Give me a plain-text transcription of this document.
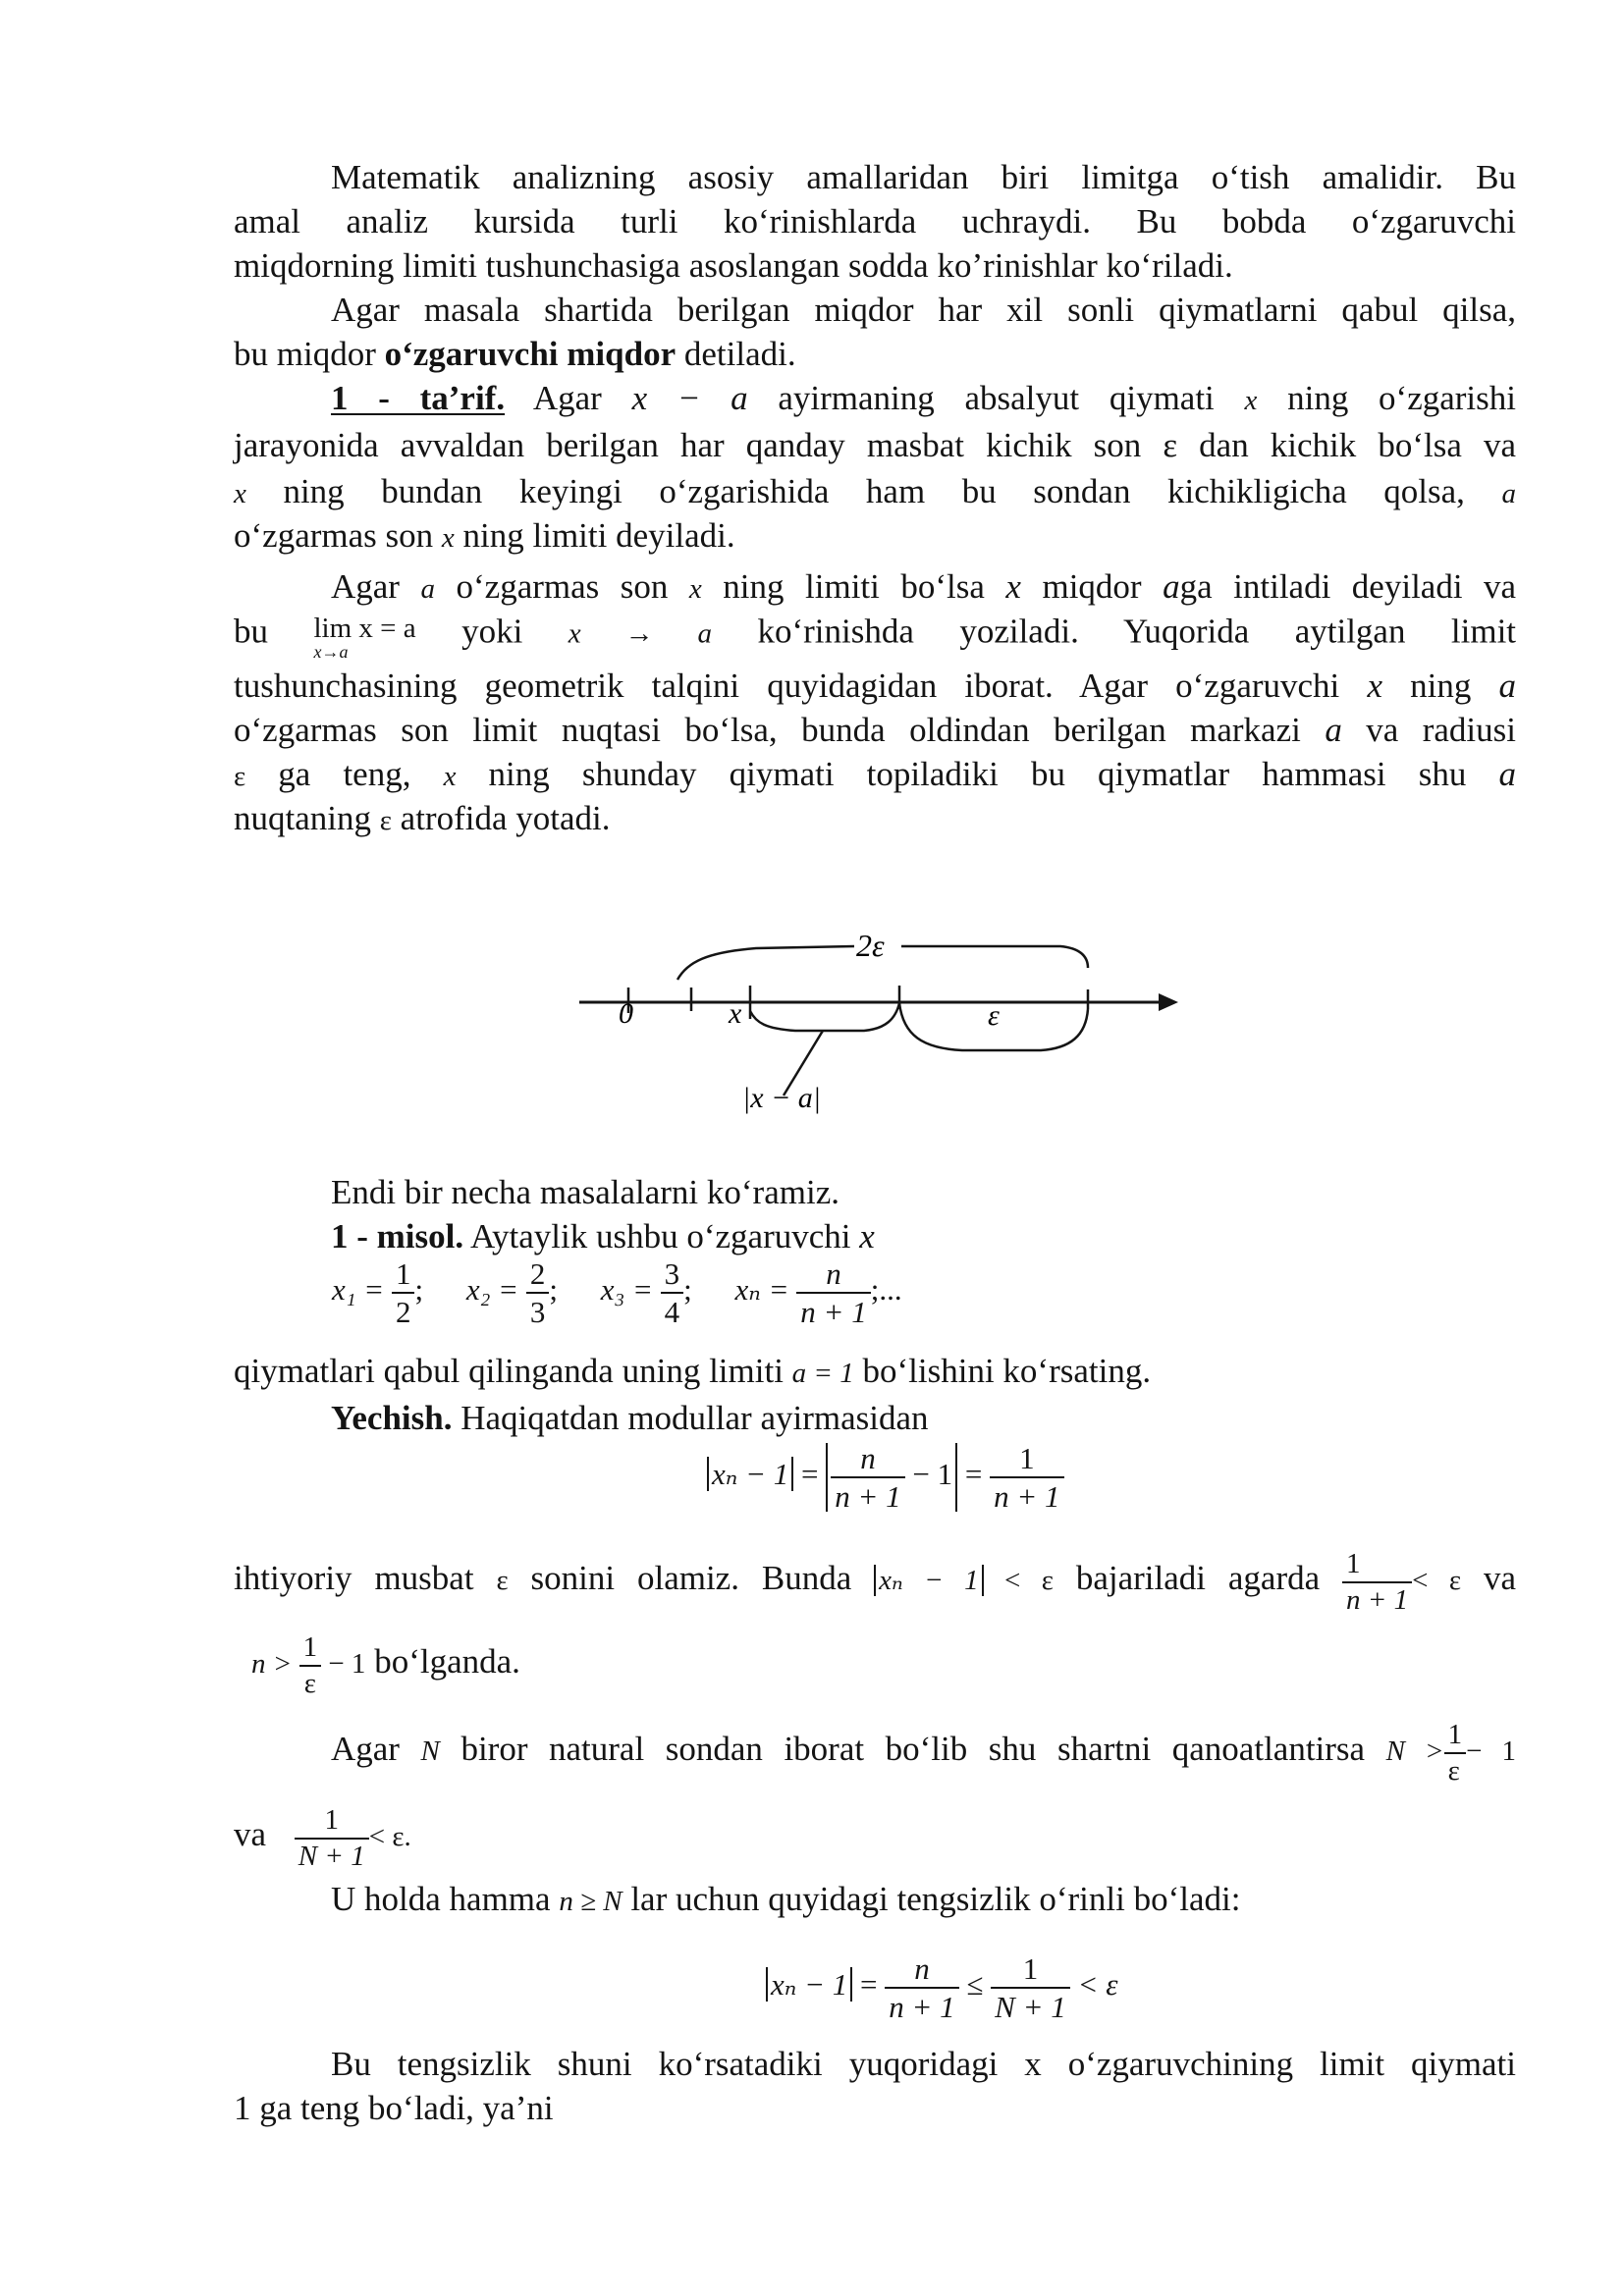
Matematik analizning asosiy amallaridan biri limitga o‘tish amalidir. Bu
amal analiz kursida turli ko‘rinishlarda uchraydi. Bu bobda o‘zgaruvchi
miqdorning limiti tushunchasiga asoslangan sodda ko’rinishlar ko‘riladi.
Agar masala shartida berilgan miqdor har xil sonli qiymatlarni qabul qilsa,
bu miqdor o‘zgaruvchi miqdor detiladi.
1 - ta’rif. Agar x − a ayirmaning absalyut qiymati x ning o‘zgarishi
jarayonida avvaldan berilgan har qanday masbat kichik son ε dan kichik bo‘lsa va
x ning bundan keyingi o‘zgarishida ham bu sondan kichikligicha qolsa, a
o‘zgarmas son x ning limiti deyiladi.
Agar a o‘zgarmas son x ning limiti bo‘lsa x miqdor aga intiladi deyiladi va
bu lim x = a
x→a
yoki x → a ko‘rinishda yoziladi. Yuqorida aytilgan limit
tushunchasining geometrik talqini quyidagidan iborat. Agar o‘zgaruvchi x ning a
o‘zgarmas son limit nuqtasi bo‘lsa, bunda oldindan berilgan markazi a va radiusi
ε ga teng, x ning shunday qiymati topiladiki bu qiymatlar hammasi shu a
nuqtaning ε atrofida yotadi.
2ε
0	x	ε
|x − a|
Endi bir necha masalalarni ko‘ramiz.
1 - misol. Aytaylik ushbu o‘zgaruvchi x
$x_1 = \frac{1}{2}$ ; $x_2 = \frac{2}{3}$ ; $x_3 = \frac{3}{4}$ ; $x_n = \frac{n}{n + 1}$ ;...
qiymatlari qabul qilinganda uning limiti a = 1 bo‘lishini ko‘rsating.
Yechish. Haqiqatdan modullar ayirmasidan
$x_n - 1 = \frac{n}{n + 1} - 1 = \frac{1}{n + 1}$
ihtiyoriy musbat ε sonini olamiz. Bunda xₙ − 1 < ε bajariladi agarda $\frac{1}{n + 1} < \varepsilon$ va
$n > \frac{1}{\varepsilon} - 1$ bo‘lganda.
Agar N biror natural sondan iborat bo‘lib shu shartni qanoatlantirsa $N > \frac{1}{\varepsilon} - 1$
va $\frac{1}{N + 1} < \varepsilon$.
U holda hamma n ≥ N lar uchun quyidagi tengsizlik o‘rinli bo‘ladi:
$x_n - 1 = \frac{n}{n + 1} \le \frac{1}{N + 1} < \varepsilon$
Bu tengsizlik shuni ko‘rsatadiki yuqoridagi x o‘zgaruvchining limit qiymati
1 ga teng bo‘ladi, ya’ni
